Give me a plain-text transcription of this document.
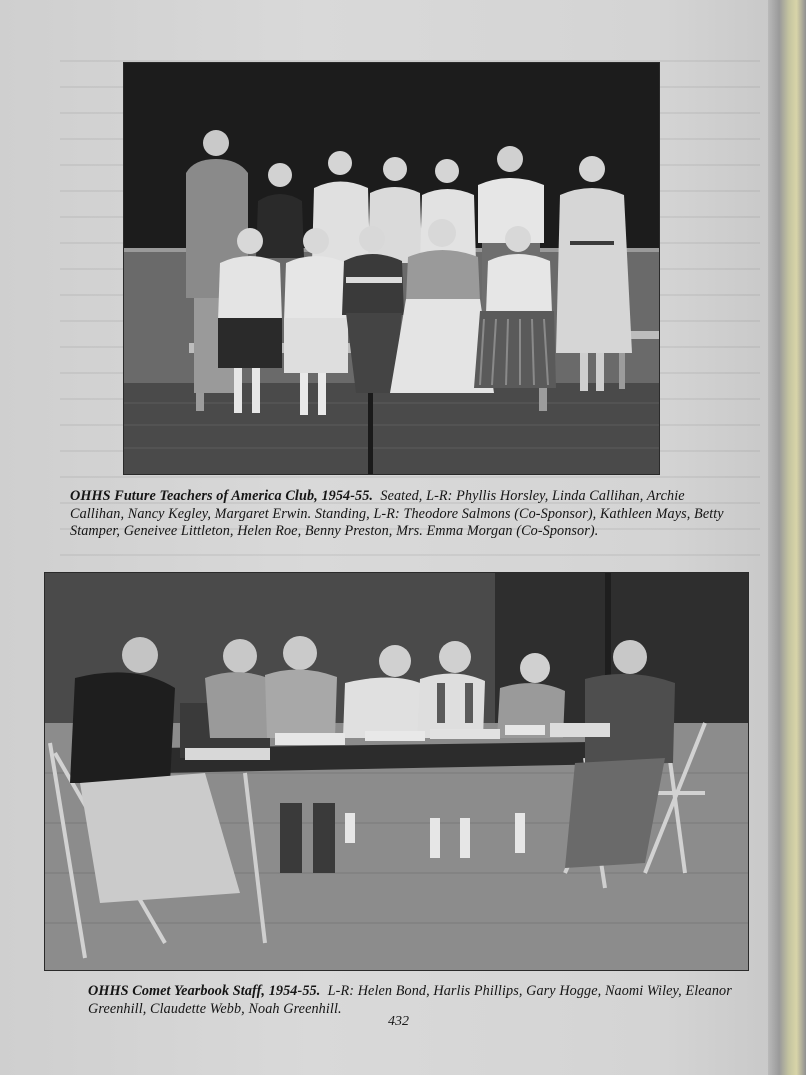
OHHS Future Teachers of America Club, 1954-55. Seated, L-R: Phyllis Horsley, Linda Callihan, Archie Callihan, Nancy Kegley, Margaret Erwin. Standing, L-R: Theodore Salmons (Co-Sponsor), Kathleen Mays, Betty Stamper, Geneivee Littleton, Helen Roe, Benny Preston, Mrs. Emma Morgan (Co-Sponsor).
OHHS Comet Yearbook Staff, 1954-55. L-R: Helen Bond, Harlis Phillips, Gary Hogge, Naomi Wiley, Eleanor Greenhill, Claudette Webb, Noah Greenhill.
432
